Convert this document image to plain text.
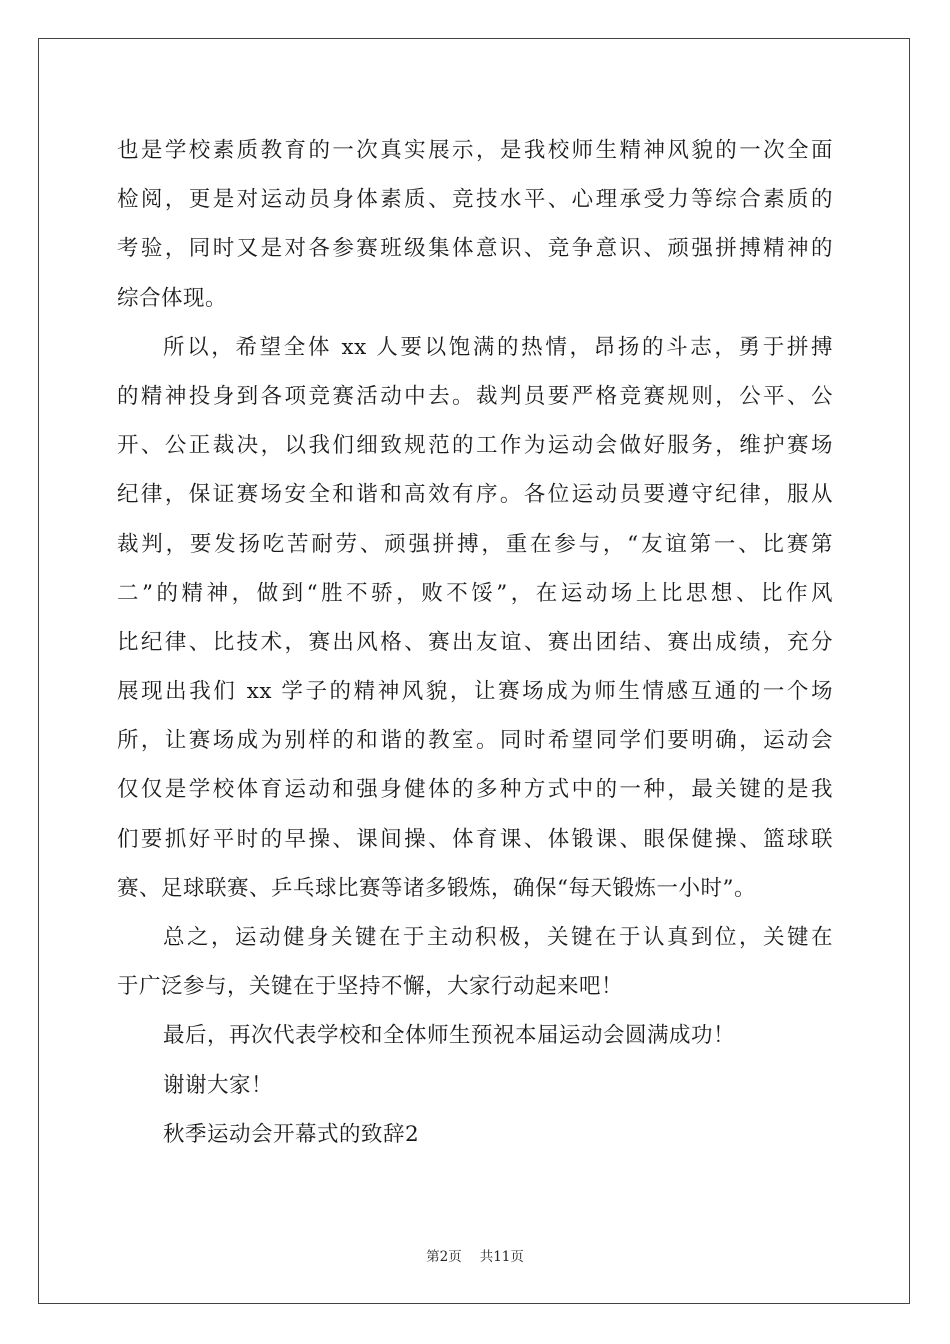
也是学校素质教育的一次真实展示，是我校师生精神风貌的一次全面
检阅，更是对运动员身体素质、竞技水平、心理承受力等综合素质的
考验，同时又是对各参赛班级集体意识、竞争意识、顽强拼搏精神的
综合体现。
所以，希望全体 xx 人要以饱满的热情，昂扬的斗志，勇于拼搏
的精神投身到各项竞赛活动中去。裁判员要严格竞赛规则，公平、公
开、公正裁决，以我们细致规范的工作为运动会做好服务，维护赛场
纪律，保证赛场安全和谐和高效有序。各位运动员要遵守纪律，服从
裁判，要发扬吃苦耐劳、顽强拼搏，重在参与，“友谊第一、比赛第
二”的精神，做到“胜不骄，败不馁”，在运动场上比思想、比作风
比纪律、比技术，赛出风格、赛出友谊、赛出团结、赛出成绩，充分
展现出我们 xx 学子的精神风貌，让赛场成为师生情感互通的一个场
所，让赛场成为别样的和谐的教室。同时希望同学们要明确，运动会
仅仅是学校体育运动和强身健体的多种方式中的一种，最关键的是我
们要抓好平时的早操、课间操、体育课、体锻课、眼保健操、篮球联
赛、足球联赛、乒乓球比赛等诸多锻炼，确保“每天锻炼一小时”。
总之，运动健身关键在于主动积极，关键在于认真到位，关键在
于广泛参与，关键在于坚持不懈，大家行动起来吧！
最后，再次代表学校和全体师生预祝本届运动会圆满成功！
谢谢大家！
秋季运动会开幕式的致辞2
第2页 共11页
